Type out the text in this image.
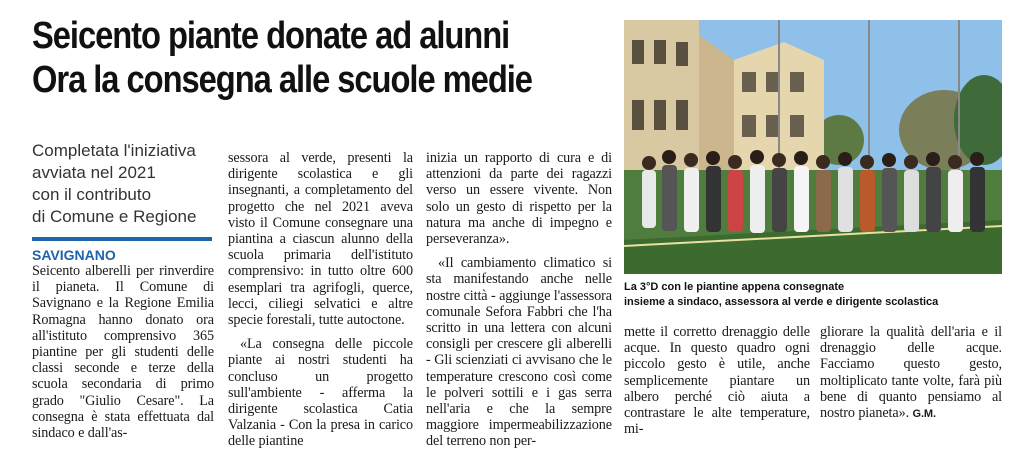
Seicento piante donate ad alunni
Ora la consegna alle scuole medie
Completata l'iniziativa
avviata nel 2021
con il contributo
di Comune e Regione
SAVIGNANO

Seicento alberelli per rinverdire il pianeta. Il Comune di Savignano e la Regione Emilia Romagna hanno donato ora all'istituto comprensivo 365 piantine per gli studenti delle classi seconde e terze della scuola secondaria di primo grado "Giulio Cesare". La consegna è stata effettuata dal sindaco e dall'as-

sessora al verde, presenti la dirigente scolastica e gli insegnanti, a completamento del progetto che nel 2021 aveva visto il Comune consegnare una piantina a ciascun alunno della scuola primaria dell'istituto comprensivo: in tutto oltre 600 esemplari tra agrifogli, querce, lecci, ciliegi selvatici e altre specie forestali, tutte autoctone.

«La consegna delle piccole piante ai nostri studenti ha concluso un progetto sull'ambiente - afferma la dirigente scolastica Catia Valzania - Con la presa in carico delle piantine

inizia un rapporto di cura e di attenzioni da parte dei ragazzi verso un essere vivente. Non solo un gesto di rispetto per la natura ma anche di impegno e perseveranza».

«Il cambiamento climatico si sta manifestando anche nelle nostre città - aggiunge l'assessora comunale Sefora Fabbri che l'ha scritto in una lettera con alcuni consigli per crescere gli alberelli - Gli scienziati ci avvisano che le temperature crescono così come le polveri sottili e i gas serra nell'aria e che la sempre maggiore impermeabilizzazione del terreno non per-

La 3°D con le piantine appena consegnate
insieme a sindaco, assessora al verde e dirigente scolastica

mette il corretto drenaggio delle acque. In questo quadro ogni piccolo gesto è utile, anche semplicemente piantare un albero perché ciò aiuta a contrastare le alte temperature, mi-

gliorare la qualità dell'aria e il drenaggio delle acque. Facciamo questo gesto, moltiplicato tante volte, farà più bene di quanto pensiamo al nostro pianeta». G.M.
